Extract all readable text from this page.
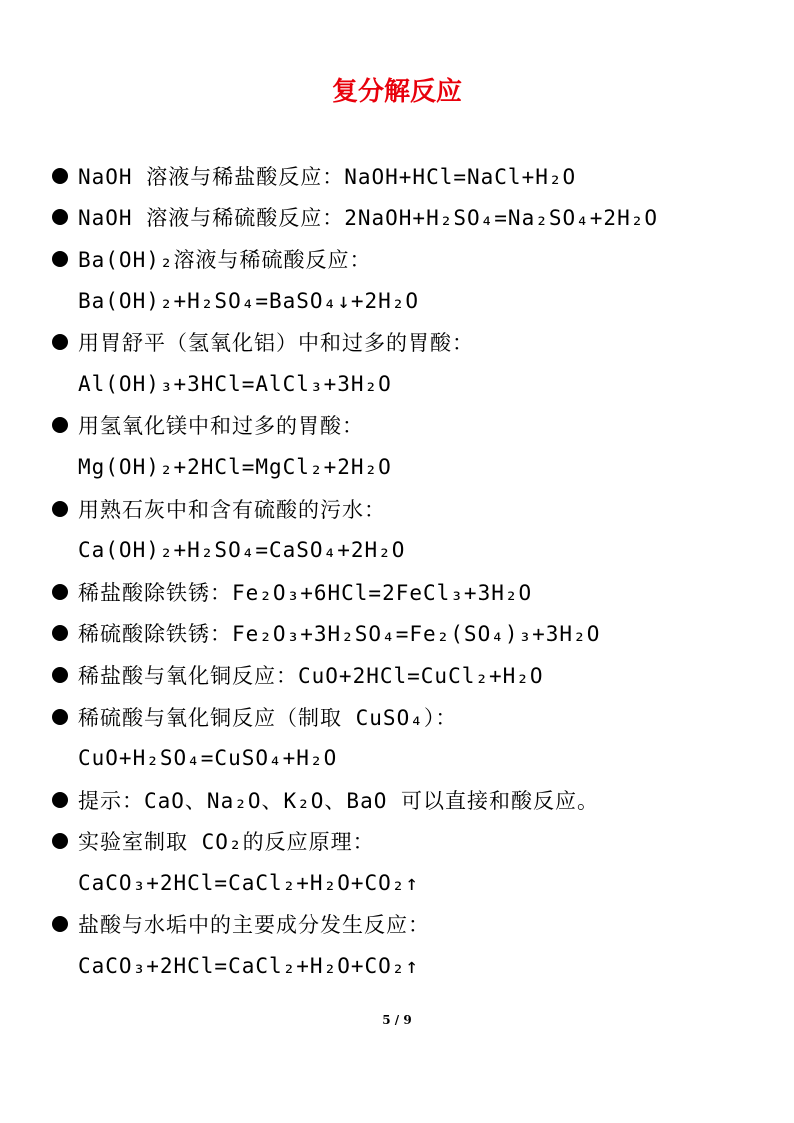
复分解反应
NaOH 溶液与稀盐酸反应：NaOH+HCl=NaCl+H₂O
NaOH 溶液与稀硫酸反应：2NaOH+H₂SO₄=Na₂SO₄+2H₂O
Ba(OH)₂溶液与稀硫酸反应：
Ba(OH)₂+H₂SO₄=BaSO₄↓+2H₂O
用胃舒平（氢氧化铝）中和过多的胃酸：
Al(OH)₃+3HCl=AlCl₃+3H₂O
用氢氧化镁中和过多的胃酸：
Mg(OH)₂+2HCl=MgCl₂+2H₂O
用熟石灰中和含有硫酸的污水：
Ca(OH)₂+H₂SO₄=CaSO₄+2H₂O
稀盐酸除铁锈：Fe₂O₃+6HCl=2FeCl₃+3H₂O
稀硫酸除铁锈：Fe₂O₃+3H₂SO₄=Fe₂(SO₄)₃+3H₂O
稀盐酸与氧化铜反应：CuO+2HCl=CuCl₂+H₂O
稀硫酸与氧化铜反应（制取 CuSO₄）：
CuO+H₂SO₄=CuSO₄+H₂O
提示：CaO、Na₂O、K₂O、BaO 可以直接和酸反应。
实验室制取 CO₂的反应原理：
CaCO₃+2HCl=CaCl₂+H₂O+CO₂↑
盐酸与水垢中的主要成分发生反应：
CaCO₃+2HCl=CaCl₂+H₂O+CO₂↑
5 / 9
